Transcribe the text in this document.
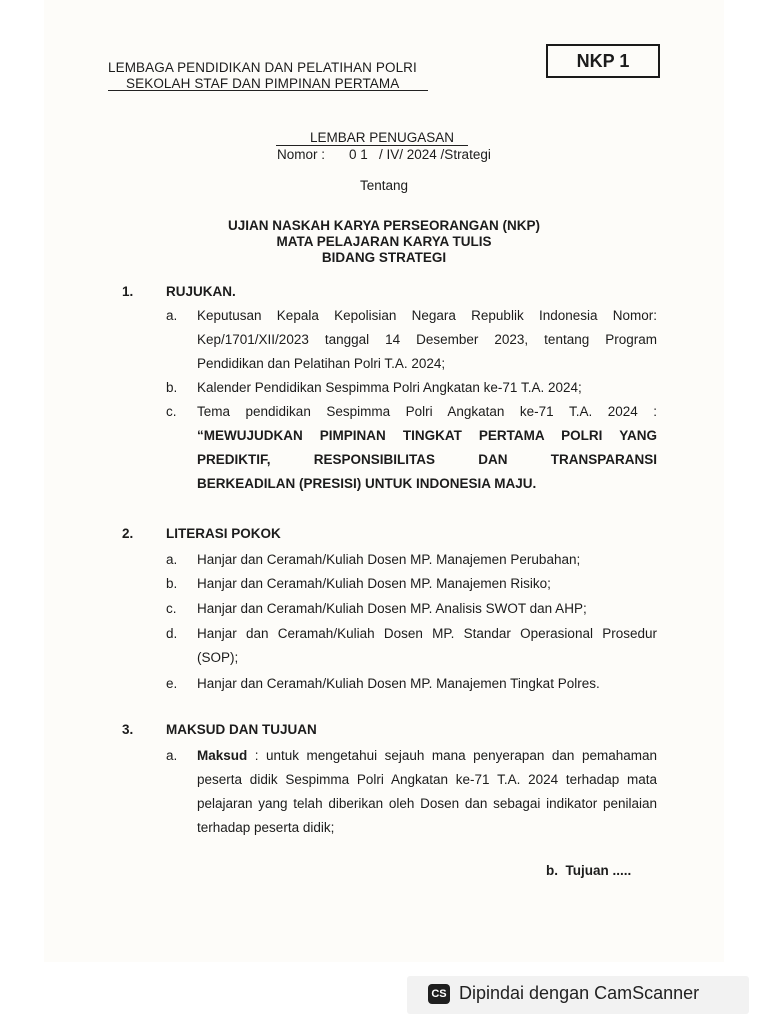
LEMBAGA PENDIDIKAN DAN PELATIHAN POLRI
SEKOLAH STAF DAN PIMPINAN PERTAMA
NKP 1
LEMBAR PENUGASAN
Nomor : 0 1   / IV/ 2024 /Strategi
Tentang
UJIAN NASKAH KARYA PERSEORANGAN (NKP)
MATA PELAJARAN KARYA TULIS
BIDANG STRATEGI
1. RUJUKAN.
a. Keputusan Kepala Kepolisian Negara Republik Indonesia Nomor:
Kep/1701/XII/2023 tanggal 14 Desember 2023, tentang Program
Pendidikan dan Pelatihan Polri T.A. 2024;
b. Kalender Pendidikan Sespimma Polri Angkatan ke-71 T.A. 2024;
c. Tema pendidikan Sespimma Polri Angkatan ke-71 T.A. 2024 :
“MEWUJUDKAN PIMPINAN TINGKAT PERTAMA POLRI YANG
PREDIKTIF, RESPONSIBILITAS DAN TRANSPARANSI
BERKEADILAN (PRESISI) UNTUK INDONESIA MAJU.
2. LITERASI POKOK
a. Hanjar dan Ceramah/Kuliah Dosen MP. Manajemen Perubahan;
b. Hanjar dan Ceramah/Kuliah Dosen MP. Manajemen Risiko;
c. Hanjar dan Ceramah/Kuliah Dosen MP. Analisis SWOT dan AHP;
d. Hanjar dan Ceramah/Kuliah Dosen MP. Standar Operasional Prosedur
(SOP);
e. Hanjar dan Ceramah/Kuliah Dosen MP. Manajemen Tingkat Polres.
3. MAKSUD DAN TUJUAN
a. Maksud : untuk mengetahui sejauh mana penyerapan dan pemahaman
peserta didik Sespimma Polri Angkatan ke-71 T.A. 2024 terhadap mata
pelajaran yang telah diberikan oleh Dosen dan sebagai indikator penilaian
terhadap peserta didik;
b.  Tujuan .....
CS Dipindai dengan CamScanner
